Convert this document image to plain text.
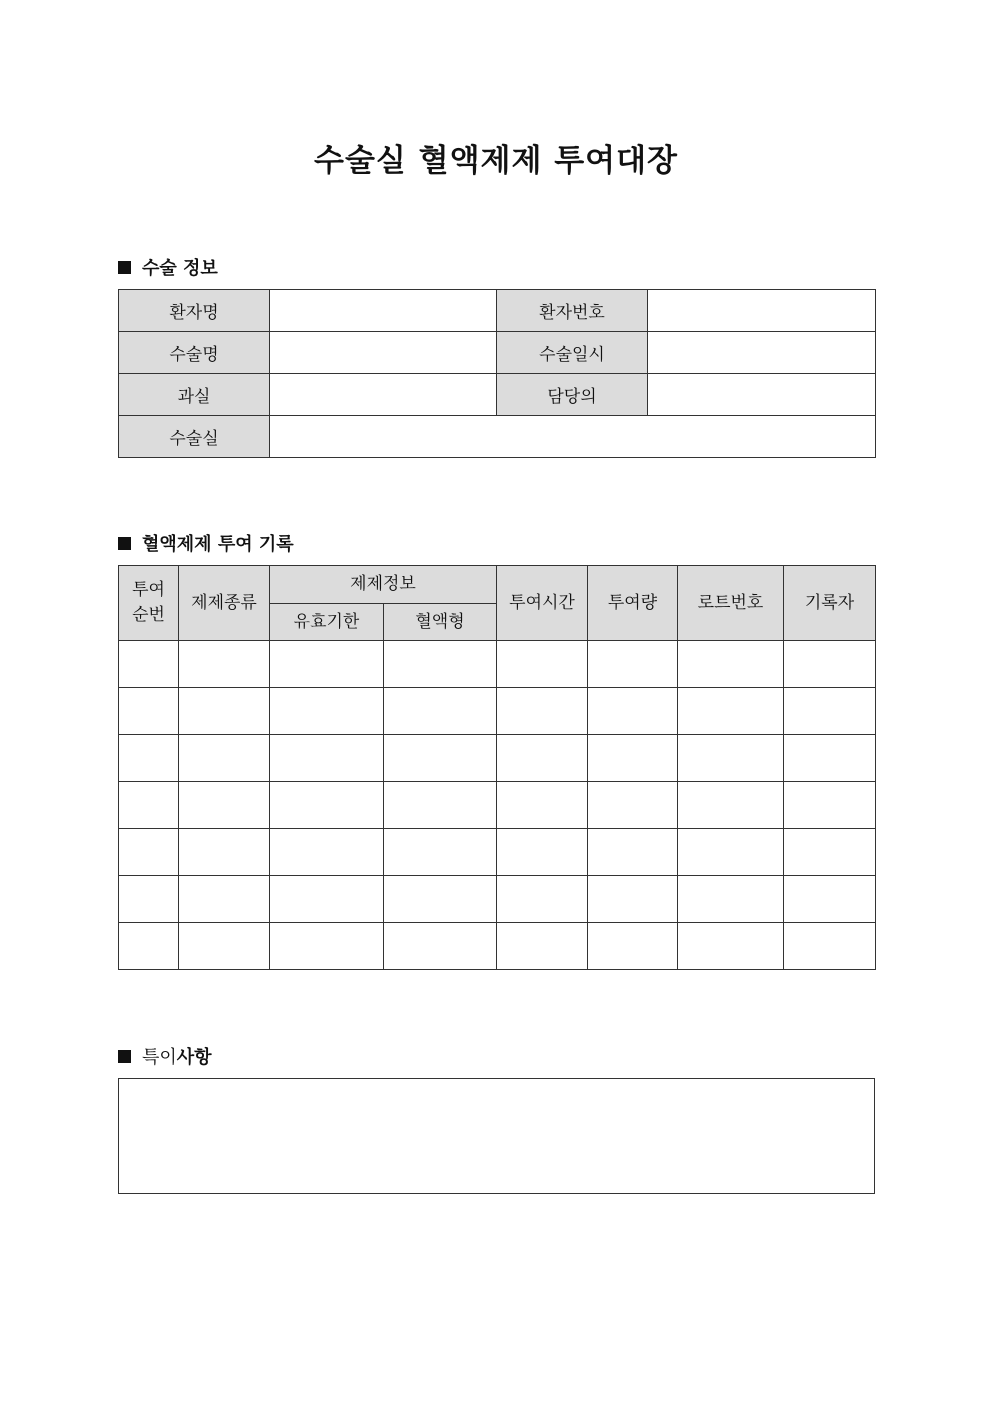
수술실 혈액제제 투여대장
수술 정보
환자명		환자번호	
수술명		수술일시	
과실		담당의	
수술실			
혈액제제 투여 기록
투여
순번	제제종류	제제정보		투여시간	투여량	로트번호	기록자
		유효기한	혈액형				

특이 사항
